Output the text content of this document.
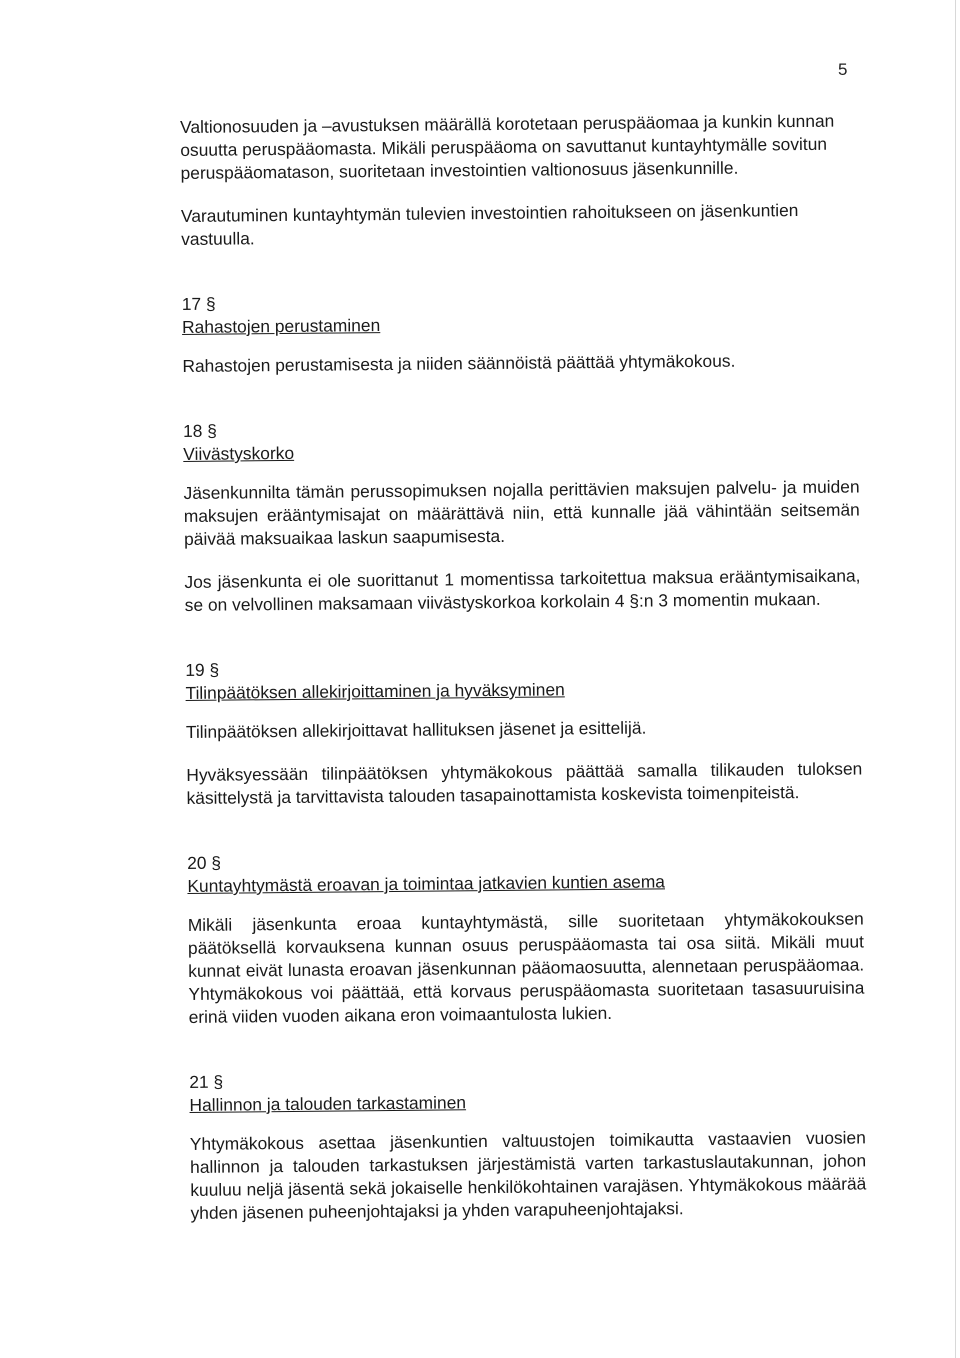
5

Valtionosuuden ja –avustuksen määrällä korotetaan peruspääomaa ja kunkin kunnan osuutta peruspääomasta. Mikäli peruspääoma on savuttanut kuntayhtymälle sovitun peruspääomatason, suoritetaan investointien valtionosuus jäsenkunnille.

Varautuminen kuntayhtymän tulevien investointien rahoitukseen on jäsenkuntien vastuulla.

17 §
Rahastojen perustaminen

Rahastojen perustamisesta ja niiden säännöistä päättää yhtymäkokous.

18 §
Viivästyskorko

Jäsenkunnilta tämän perussopimuksen nojalla perittävien maksujen palvelu- ja muiden maksujen erääntymisajat on määrättävä niin, että kunnalle jää vähintään seitsemän päivää maksuaikaa laskun saapumisesta.

Jos jäsenkunta ei ole suorittanut 1 momentissa tarkoitettua maksua erääntymisaikana, se on velvollinen maksamaan viivästyskorkoa korkolain 4 §:n 3 momentin mukaan.

19 §
Tilinpäätöksen allekirjoittaminen ja hyväksyminen

Tilinpäätöksen allekirjoittavat hallituksen jäsenet ja esittelijä.

Hyväksyessään tilinpäätöksen yhtymäkokous päättää samalla tilikauden tuloksen käsittelystä ja tarvittavista talouden tasapainottamista koskevista toimenpiteistä.

20 §
Kuntayhtymästä eroavan ja toimintaa jatkavien kuntien asema

Mikäli jäsenkunta eroaa kuntayhtymästä, sille suoritetaan yhtymäkokouksen päätöksellä korvauksena kunnan osuus peruspääomasta tai osa siitä. Mikäli muut kunnat eivät lunasta eroavan jäsenkunnan pääomaosuutta, alennetaan peruspääomaa. Yhtymäkokous voi päättää, että korvaus peruspääomasta suoritetaan tasasuuruisina erinä viiden vuoden aikana eron voimaantulosta lukien.

21 §
Hallinnon ja talouden tarkastaminen

Yhtymäkokous asettaa jäsenkuntien valtuustojen toimikautta vastaavien vuosien hallinnon ja talouden tarkastuksen järjestämistä varten tarkastuslautakunnan, johon kuuluu neljä jäsentä sekä jokaiselle henkilökohtainen varajäsen. Yhtymäkokous määrää yhden jäsenen puheenjohtajaksi ja yhden varapuheenjohtajaksi.
